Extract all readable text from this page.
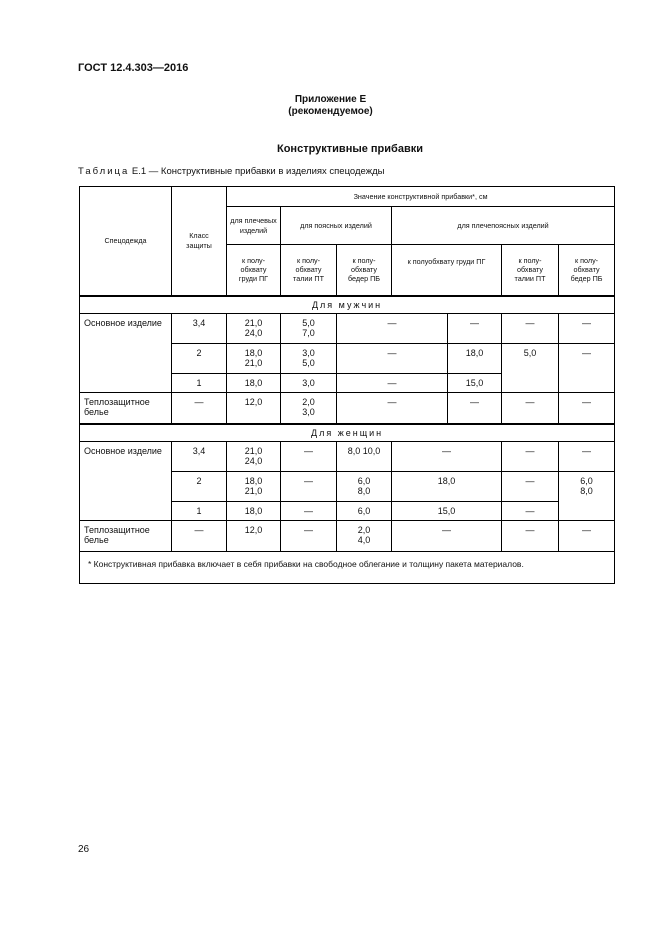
ГОСТ 12.4.303—2016
Приложение Е
(рекомендуемое)
Конструктивные прибавки
Таблица Е.1 — Конструктивные прибавки в изделиях спецодежды
Спецодежда	Класс защиты	Значение конструктивной прибавки*, см						
		для плечевых изделий	для поясных изделий		для плечепоясных изделий			
		к полу-обхвату груди ПГ	к полу-обхвату талии ПТ	к полу-обхвату бедер ПБ	к полуобхвату груди ПГ		к полу-обхвату талии ПТ	к полу-обхвату бедер ПБ
Для мужчин								
Основное изделие	3,4	21,0 24,0	5,0 7,0	—		—	—	—
	2	18,0 21,0	3,0 5,0	—		18,0	5,0	—
	1	18,0	3,0	—		15,0		
Теплозащитное белье	—	12,0	2,0 3,0	—		—	—	—
Для женщин								
Основное изделие	3,4	21,0 24,0	—	8,0 10,0	—		—	—
	2	18,0 21,0	—	6,0 8,0	18,0		—	6,0 8,0
	1	18,0	—	6,0	15,0		—	
Теплозащитное белье	—	12,0	—	2,0 4,0	—		—	—
* Конструктивная прибавка включает в себя прибавки на свободное облегание и толщину пакета материалов.								
26
